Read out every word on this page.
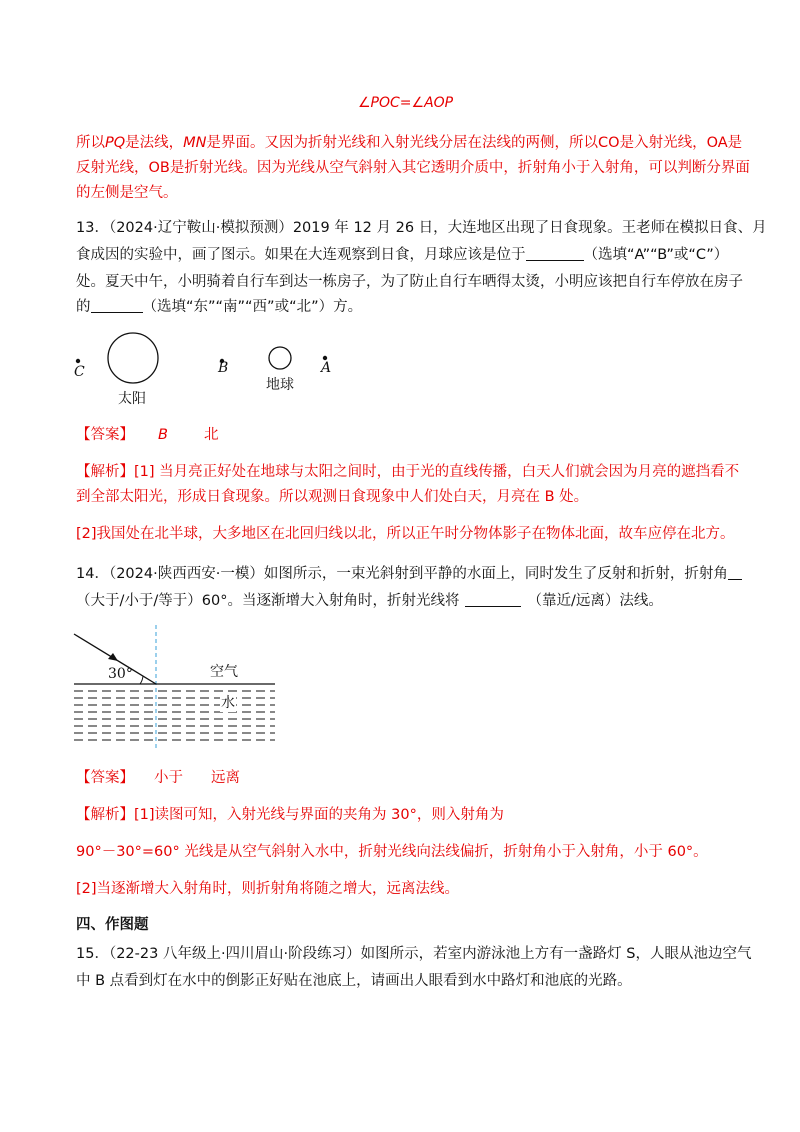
∠POC=∠AOP
所以PQ是法线，MN是界面。又因为折射光线和入射光线分居在法线的两侧，所以CO是入射光线，OA是
反射光线，OB是折射光线。因为光线从空气斜射入其它透明介质中，折射角小于入射角，可以判断分界面
的左侧是空气。
13．（2024·辽宁鞍山·模拟预测）2019 年 12 月 26 日，大连地区出现了日食现象。王老师在模拟日食、月
食成因的实验中，画了图示。如果在大连观察到日食，月球应该是位于	（选填“A”“B”或“C”）
处。夏天中午，小明骑着自行车到达一栋房子，为了防止自行车晒得太烫，小明应该把自行车停放在房子
的	（选填“东”“南”“西”或“北”）方。
C	B	A
太阳
地球
【答案】 B 北
【解析】[1] 当月亮正好处在地球与太阳之间时，由于光的直线传播，白天人们就会因为月亮的遮挡看不
到全部太阳光，形成日食现象。所以观测日食现象中人们处白天，月亮在 B 处。
[2]我国处在北半球，大多地区在北回归线以北，所以正午时分物体影子在物体北面，故车应停在北方。
14．（2024·陕西西安·一模）如图所示，一束光斜射到平静的水面上，同时发生了反射和折射，折射角
（大于/小于/等于）60°。当逐渐增大入射角时，折射光线将	（靠近/远离）法线。
30°	空气
水
【答案】 小于 远离
【解析】[1]读图可知，入射光线与界面的夹角为 30°，则入射角为
90°－30°=60° 光线是从空气斜射入水中，折射光线向法线偏折，折射角小于入射角，小于 60°。
[2]当逐渐增大入射角时，则折射角将随之增大，远离法线。
四、作图题
15．（22-23 八年级上·四川眉山·阶段练习）如图所示，若室内游泳池上方有一盏路灯 S，人眼从池边空气
中 B 点看到灯在水中的倒影正好贴在池底上，请画出人眼看到水中路灯和池底的光路。
